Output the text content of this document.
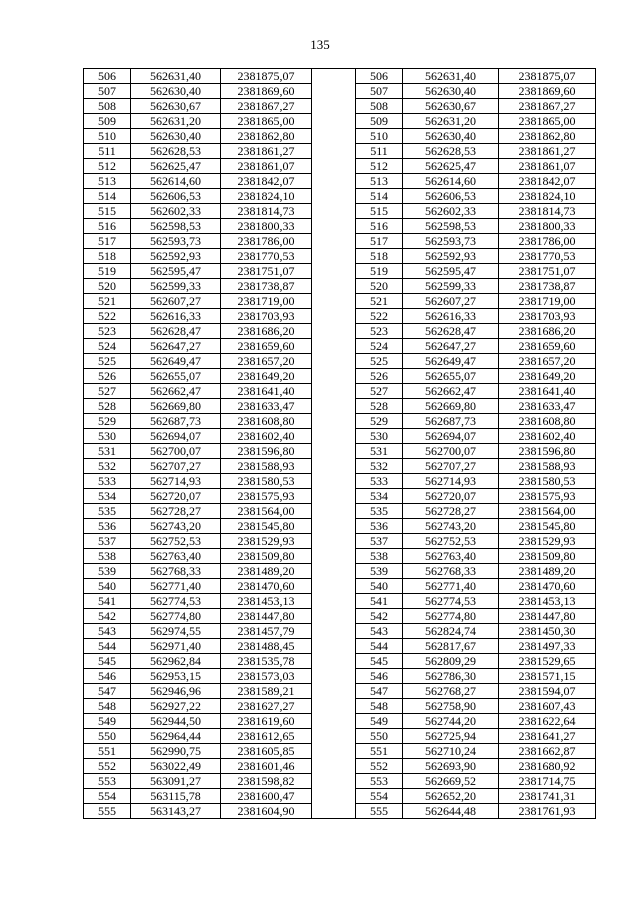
135
506	562631,40	2381875,07		506	562631,40	2381875,07
507	562630,40	2381869,60		507	562630,40	2381869,60
508	562630,67	2381867,27		508	562630,67	2381867,27
509	562631,20	2381865,00		509	562631,20	2381865,00
510	562630,40	2381862,80		510	562630,40	2381862,80
511	562628,53	2381861,27		511	562628,53	2381861,27
512	562625,47	2381861,07		512	562625,47	2381861,07
513	562614,60	2381842,07		513	562614,60	2381842,07
514	562606,53	2381824,10		514	562606,53	2381824,10
515	562602,33	2381814,73		515	562602,33	2381814,73
516	562598,53	2381800,33		516	562598,53	2381800,33
517	562593,73	2381786,00		517	562593,73	2381786,00
518	562592,93	2381770,53		518	562592,93	2381770,53
519	562595,47	2381751,07		519	562595,47	2381751,07
520	562599,33	2381738,87		520	562599,33	2381738,87
521	562607,27	2381719,00		521	562607,27	2381719,00
522	562616,33	2381703,93		522	562616,33	2381703,93
523	562628,47	2381686,20		523	562628,47	2381686,20
524	562647,27	2381659,60		524	562647,27	2381659,60
525	562649,47	2381657,20		525	562649,47	2381657,20
526	562655,07	2381649,20		526	562655,07	2381649,20
527	562662,47	2381641,40		527	562662,47	2381641,40
528	562669,80	2381633,47		528	562669,80	2381633,47
529	562687,73	2381608,80		529	562687,73	2381608,80
530	562694,07	2381602,40		530	562694,07	2381602,40
531	562700,07	2381596,80		531	562700,07	2381596,80
532	562707,27	2381588,93		532	562707,27	2381588,93
533	562714,93	2381580,53		533	562714,93	2381580,53
534	562720,07	2381575,93		534	562720,07	2381575,93
535	562728,27	2381564,00		535	562728,27	2381564,00
536	562743,20	2381545,80		536	562743,20	2381545,80
537	562752,53	2381529,93		537	562752,53	2381529,93
538	562763,40	2381509,80		538	562763,40	2381509,80
539	562768,33	2381489,20		539	562768,33	2381489,20
540	562771,40	2381470,60		540	562771,40	2381470,60
541	562774,53	2381453,13		541	562774,53	2381453,13
542	562774,80	2381447,80		542	562774,80	2381447,80
543	562974,55	2381457,79		543	562824,74	2381450,30
544	562971,40	2381488,45		544	562817,67	2381497,33
545	562962,84	2381535,78		545	562809,29	2381529,65
546	562953,15	2381573,03		546	562786,30	2381571,15
547	562946,96	2381589,21		547	562768,27	2381594,07
548	562927,22	2381627,27		548	562758,90	2381607,43
549	562944,50	2381619,60		549	562744,20	2381622,64
550	562964,44	2381612,65		550	562725,94	2381641,27
551	562990,75	2381605,85		551	562710,24	2381662,87
552	563022,49	2381601,46		552	562693,90	2381680,92
553	563091,27	2381598,82		553	562669,52	2381714,75
554	563115,78	2381600,47		554	562652,20	2381741,31
555	563143,27	2381604,90		555	562644,48	2381761,93
